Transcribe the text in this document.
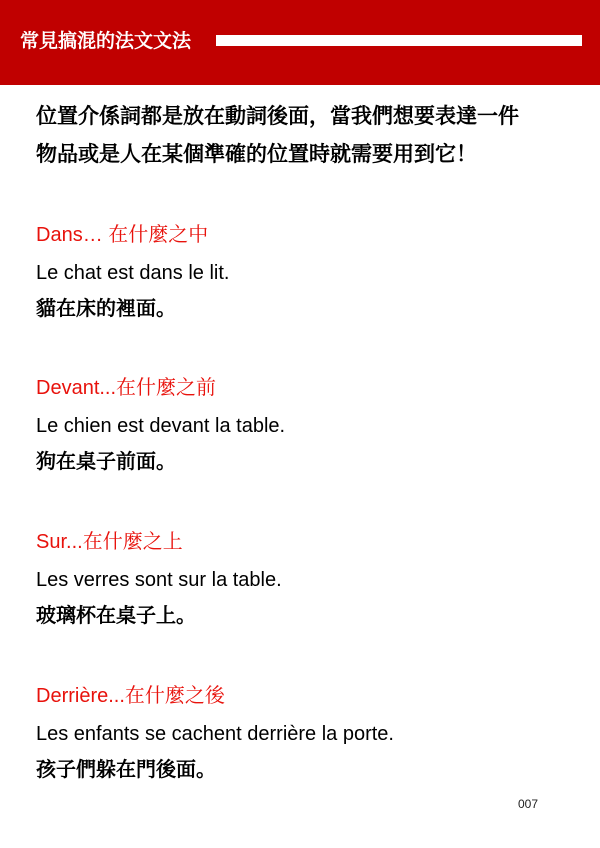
常見搞混的法文文法
位置介係詞都是放在動詞後面，當我們想要表達一件
物品或是人在某個準確的位置時就需要用到它！
Dans… 在什麼之中
Le chat est dans le lit.
貓在床的裡面。
Devant...在什麼之前
Le chien est devant la table.
狗在桌子前面。
Sur...在什麼之上
Les verres sont sur la table.
玻璃杯在桌子上。
Derrière...在什麼之後
Les enfants se cachent derrière la porte.
孩子們躲在門後面。
007
